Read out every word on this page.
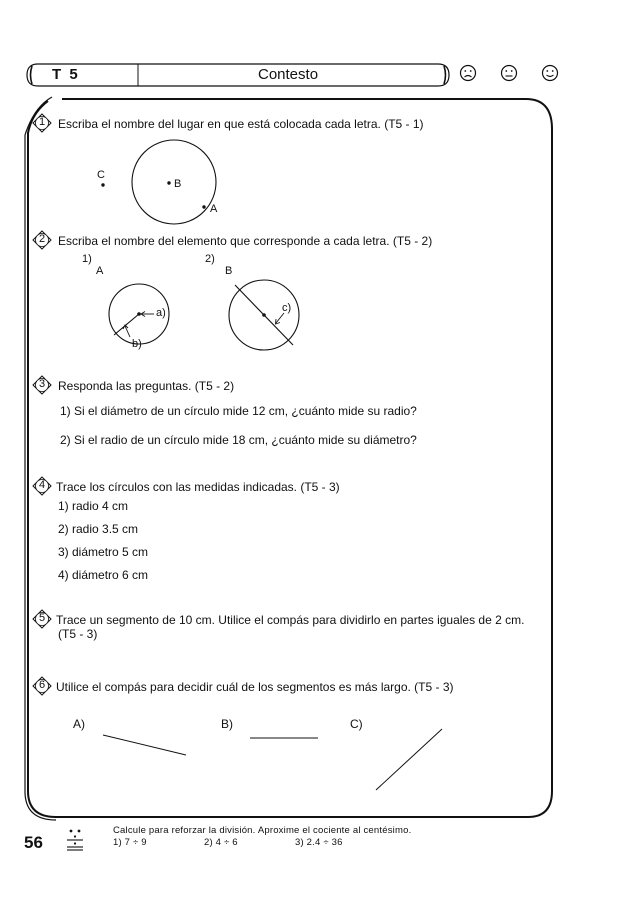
T 5	Contesto
1	Escriba el nombre del lugar en que está colocada cada letra. (T5 - 1)
C
B
A
2	Escriba el nombre del elemento que corresponde a cada letra. (T5 - 2)
1)
A
a)
b)
2)
B
c)
3	Responda las preguntas. (T5 - 2)
1) Si el diámetro de un círculo mide 12 cm, ¿cuánto mide su radio?
2) Si el radio de un círculo mide 18 cm, ¿cuánto mide su diámetro?
4 Trace los círculos con las medidas indicadas. (T5 - 3)
1) radio 4 cm
2) radio 3.5 cm
3) diámetro 5 cm
4) diámetro 6 cm
5 Trace un segmento de 10 cm. Utilice el compás para dividirlo en partes iguales de 2 cm.
(T5 - 3)
6 Utilice el compás para decidir cuál de los segmentos es más largo. (T5 - 3)
A)	B)	C)
56
Calcule para reforzar la división. Aproxime el cociente al centésimo.
1) 7 ÷ 9	2) 4 ÷ 6	3) 2.4 ÷ 36
